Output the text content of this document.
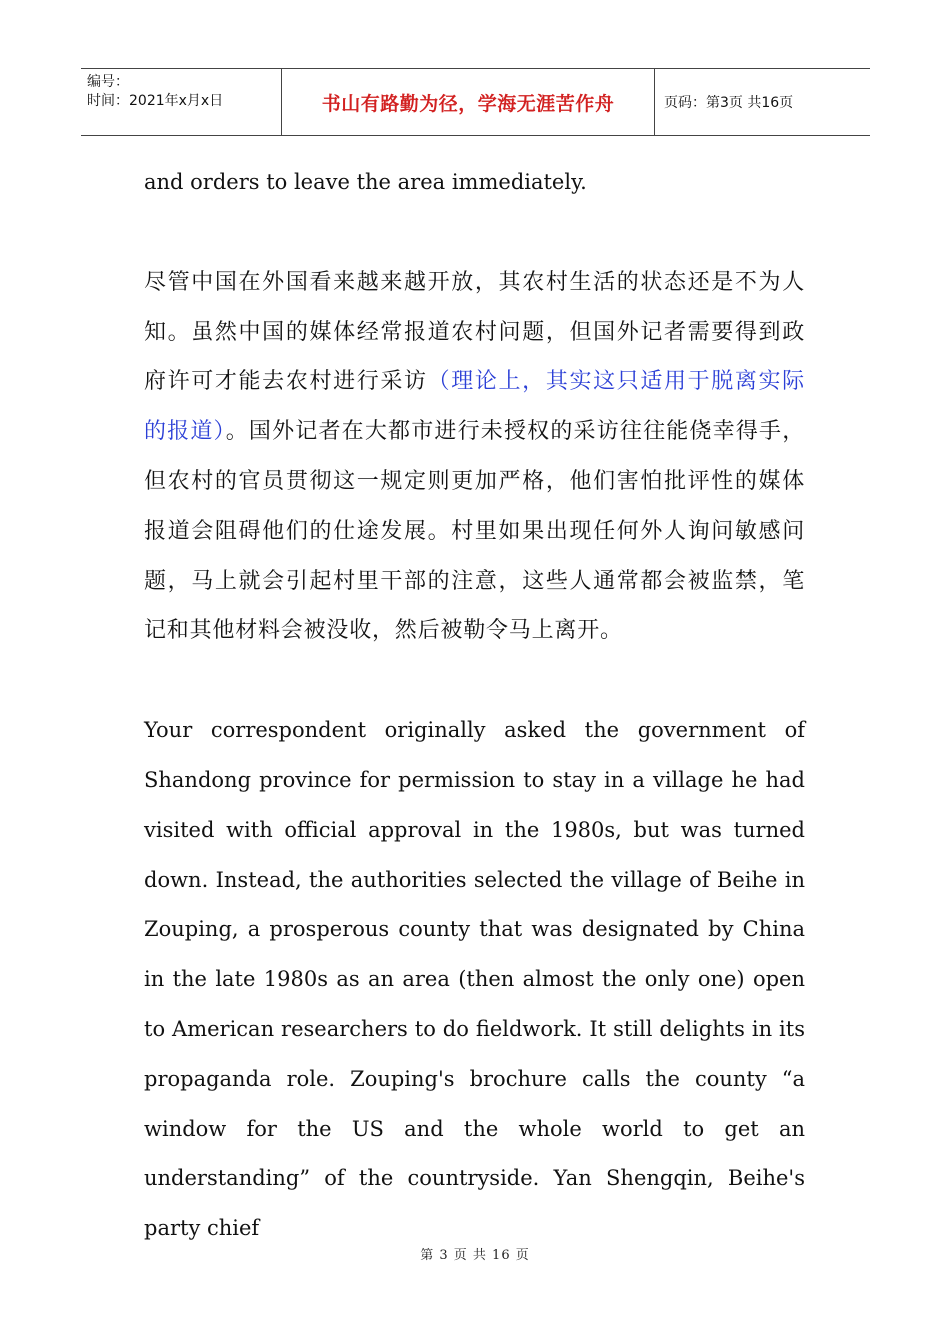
编号：
时间：2021年x月x日	书山有路勤为径，学海无涯苦作舟	页码：第3页 共16页

and orders to leave the area immediately.

尽管中国在外国看来越来越开放，其农村生活的状态还是不为人知。虽然中国的媒体经常报道农村问题，但国外记者需要得到政府许可才能去农村进行采访（理论上，其实这只适用于脱离实际的报道）。国外记者在大都市进行未授权的采访往往能侥幸得手，但农村的官员贯彻这一规定则更加严格，他们害怕批评性的媒体报道会阻碍他们的仕途发展。村里如果出现任何外人询问敏感问题，马上就会引起村里干部的注意，这些人通常都会被监禁，笔记和其他材料会被没收，然后被勒令马上离开。

Your correspondent originally asked the government of Shandong province for permission to stay in a village he had visited with official approval in the 1980s, but was turned down. Instead, the authorities selected the village of Beihe in Zouping, a prosperous county that was designated by China in the late 1980s as an area (then almost the only one) open to American researchers to do fieldwork. It still delights in its propaganda role. Zouping's brochure calls the county “a window for the US and the whole world to get an understanding” of the countryside. Yan Shengqin, Beihe's party chief

第 3 页 共 16 页
